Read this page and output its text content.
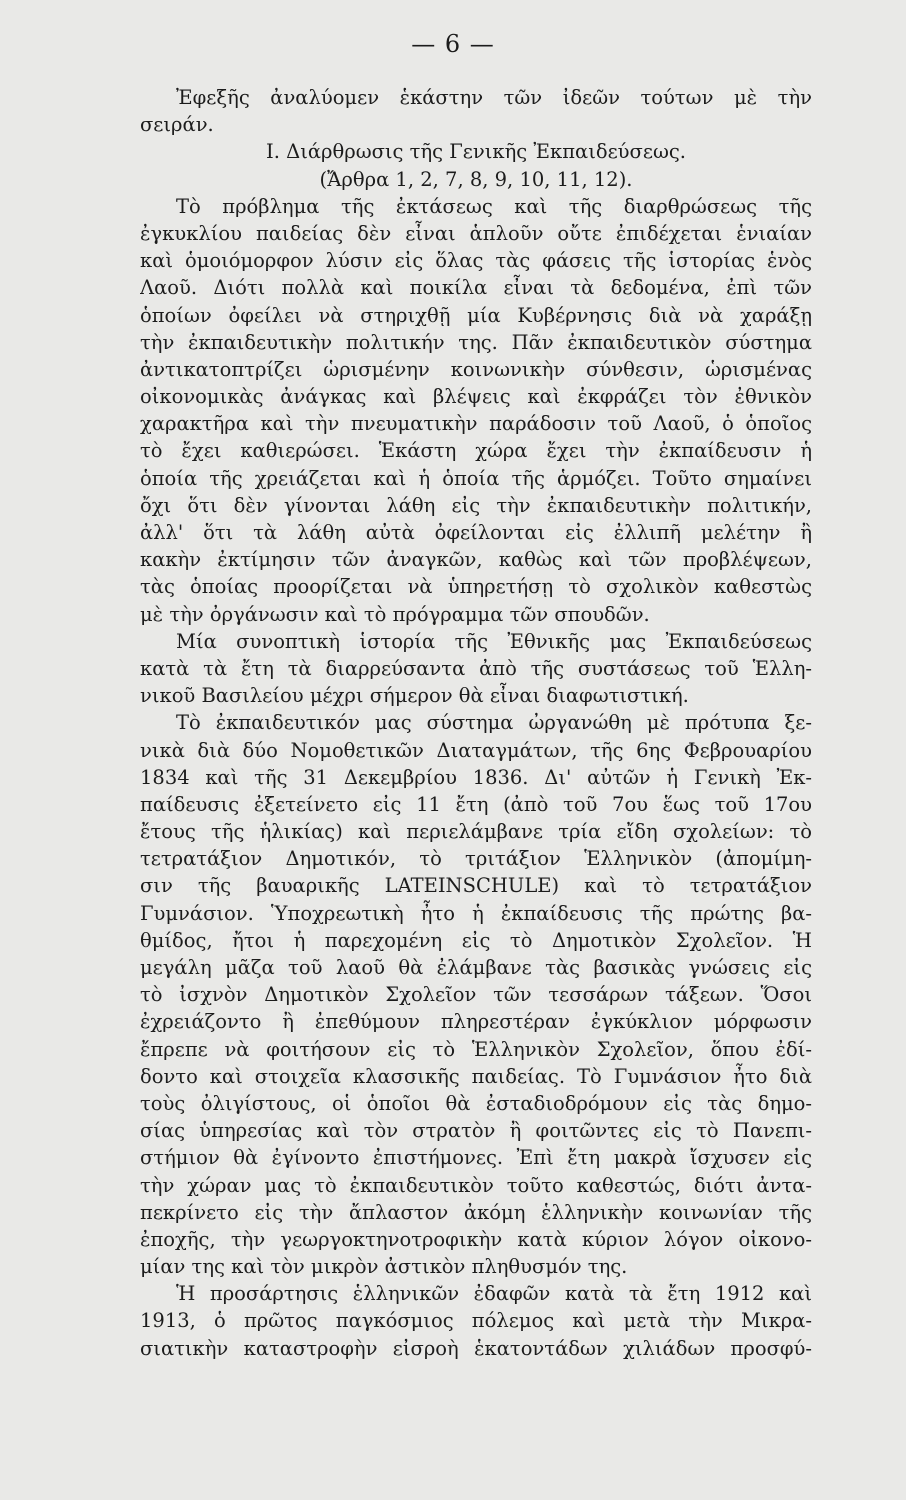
— 6 —
Ἐφεξῆς ἀναλύομεν ἑκάστην τῶν ἰδεῶν τούτων μὲ τὴν
σειράν.
Ι. Διάρθρωσις τῆς Γενικῆς Ἐκπαιδεύσεως.
(Ἄρθρα 1, 2, 7, 8, 9, 10, 11, 12).
Τὸ πρόβλημα τῆς ἐκτάσεως καὶ τῆς διαρθρώσεως τῆς
ἐγκυκλίου παιδείας δὲν εἶναι ἁπλοῦν οὔτε ἐπιδέχεται ἑνιαίαν
καὶ ὁμοιόμορφον λύσιν εἰς ὅλας τὰς φάσεις τῆς ἱστορίας ἑνὸς
Λαοῦ. Διότι πολλὰ καὶ ποικίλα εἶναι τὰ δεδομένα, ἐπὶ τῶν
ὁποίων ὀφείλει νὰ στηριχθῇ μία Κυβέρνησις διὰ νὰ χαράξῃ
τὴν ἐκπαιδευτικὴν πολιτικήν της. Πᾶν ἐκπαιδευτικὸν σύστημα
ἀντικατοπτρίζει ὡρισμένην κοινωνικὴν σύνθεσιν, ὡρισμένας
οἰκονομικὰς ἀνάγκας καὶ βλέψεις καὶ ἐκφράζει τὸν ἐθνικὸν
χαρακτῆρα καὶ τὴν πνευματικὴν παράδοσιν τοῦ Λαοῦ, ὁ ὁποῖος
τὸ ἔχει καθιερώσει. Ἑκάστη χώρα ἔχει τὴν ἐκπαίδευσιν ἡ
ὁποία τῆς χρειάζεται καὶ ἡ ὁποία τῆς ἁρμόζει. Τοῦτο σημαίνει
ὄχι ὅτι δὲν γίνονται λάθη εἰς τὴν ἐκπαιδευτικὴν πολιτικήν,
ἀλλ' ὅτι τὰ λάθη αὐτὰ ὀφείλονται εἰς ἐλλιπῆ μελέτην ἢ
κακὴν ἐκτίμησιν τῶν ἀναγκῶν, καθὼς καὶ τῶν προβλέψεων,
τὰς ὁποίας προορίζεται νὰ ὑπηρετήσῃ τὸ σχολικὸν καθεστὼς
μὲ τὴν ὀργάνωσιν καὶ τὸ πρόγραμμα τῶν σπουδῶν.
Μία συνοπτικὴ ἱστορία τῆς Ἐθνικῆς μας Ἐκπαιδεύσεως
κατὰ τὰ ἔτη τὰ διαρρεύσαντα ἀπὸ τῆς συστάσεως τοῦ Ἑλλη-
νικοῦ Βασιλείου μέχρι σήμερον θὰ εἶναι διαφωτιστική.
Τὸ ἐκπαιδευτικόν μας σύστημα ὠργανώθη μὲ πρότυπα ξε-
νικὰ διὰ δύο Νομοθετικῶν Διαταγμάτων, τῆς 6ης Φεβρουαρίου
1834 καὶ τῆς 31 Δεκεμβρίου 1836. Δι' αὐτῶν ἡ Γενικὴ Ἐκ-
παίδευσις ἐξετείνετο εἰς 11 ἔτη (ἀπὸ τοῦ 7ου ἕως τοῦ 17ου
ἔτους τῆς ἡλικίας) καὶ περιελάμβανε τρία εἴδη σχολείων: τὸ
τετρατάξιον Δημοτικόν, τὸ τριτάξιον Ἑλληνικὸν (ἀπομίμη-
σιν τῆς βαυαρικῆς LATEINSCHULE) καὶ τὸ τετρατάξιον
Γυμνάσιον. Ὑποχρεωτικὴ ἦτο ἡ ἐκπαίδευσις τῆς πρώτης βα-
θμίδος, ἤτοι ἡ παρεχομένη εἰς τὸ Δημοτικὸν Σχολεῖον. Ἡ
μεγάλη μᾶζα τοῦ λαοῦ θὰ ἐλάμβανε τὰς βασικὰς γνώσεις εἰς
τὸ ἰσχνὸν Δημοτικὸν Σχολεῖον τῶν τεσσάρων τάξεων. Ὅσοι
ἐχρειάζοντο ἢ ἐπεθύμουν πληρεστέραν ἐγκύκλιον μόρφωσιν
ἔπρεπε νὰ φοιτήσουν εἰς τὸ Ἑλληνικὸν Σχολεῖον, ὅπου ἐδί-
δοντο καὶ στοιχεῖα κλασσικῆς παιδείας. Τὸ Γυμνάσιον ἦτο διὰ
τοὺς ὀλιγίστους, οἱ ὁποῖοι θὰ ἐσταδιοδρόμουν εἰς τὰς δημο-
σίας ὑπηρεσίας καὶ τὸν στρατὸν ἢ φοιτῶντες εἰς τὸ Πανεπι-
στήμιον θὰ ἐγίνοντο ἐπιστήμονες. Ἐπὶ ἔτη μακρὰ ἴσχυσεν εἰς
τὴν χώραν μας τὸ ἐκπαιδευτικὸν τοῦτο καθεστώς, διότι ἀντα-
πεκρίνετο εἰς τὴν ἄπλαστον ἀκόμη ἑλληνικὴν κοινωνίαν τῆς
ἐποχῆς, τὴν γεωργοκτηνοτροφικὴν κατὰ κύριον λόγον οἰκονο-
μίαν της καὶ τὸν μικρὸν ἀστικὸν πληθυσμόν της.
Ἡ προσάρτησις ἑλληνικῶν ἐδαφῶν κατὰ τὰ ἔτη 1912 καὶ
1913, ὁ πρῶτος παγκόσμιος πόλεμος καὶ μετὰ τὴν Μικρα-
σιατικὴν καταστροφὴν εἰσροὴ ἑκατοντάδων χιλιάδων προσφύ-
